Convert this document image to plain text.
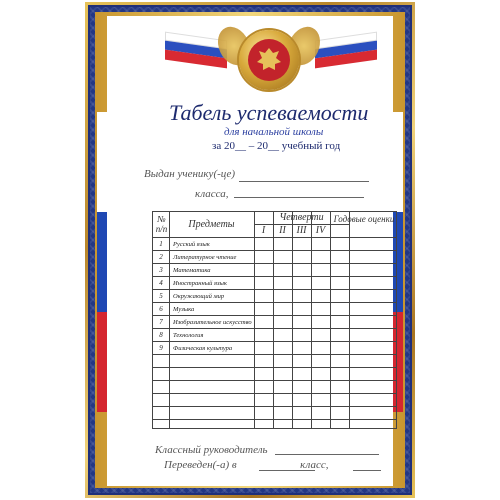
Табель успеваемости
для начальной школы
за 20__ – 20__ учебный год
Выдан ученику(-це)
класса,
№ п/п	Предметы
Четверти
I	II	III IV
Годовые оценки
1	Русский язык
2	Литературное чтение
3	Математика
4	Иностранный язык
5	Окружающий мир
6	Музыка
7	Изобразительное искусство
8	Технология
9	Физическая культура
Классный руководитель
Переведен(-а) в	класс,
